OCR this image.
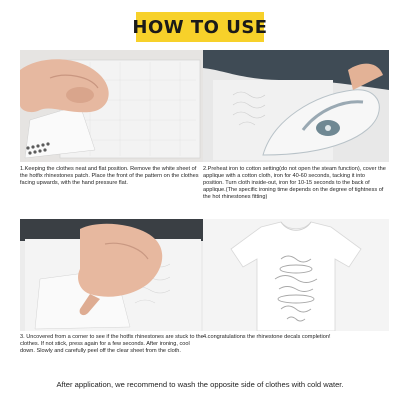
HOW TO USE

1.Keeping the clothes neat and flat position. Remove the white sheet of the hotfix rhinestones patch. Place the front of the pattern on the clothes facing upwards, with the hand pressure flat.

2.Preheat iron to cotton setting(do not open the steam function), cover the applique with a cotton cloth, iron for 40-60 seconds, tacking it into position. Turn cloth inside-out, iron for 10-15 seconds to the back of applique.(The specific ironing time depends on the degree of tightness of the hot rhinestones fitting)

3. Uncovered from a corner to see if the hotfix rhinestones are stuck to the clothes. If not stick, press again for a few seconds. After ironing, cool down. Slowly and carefully peel off the clear sheet from the cloth.

4.congratulations the rhinestone decals completion!

After application, we recommend to wash the opposite side of clothes with cold water.
